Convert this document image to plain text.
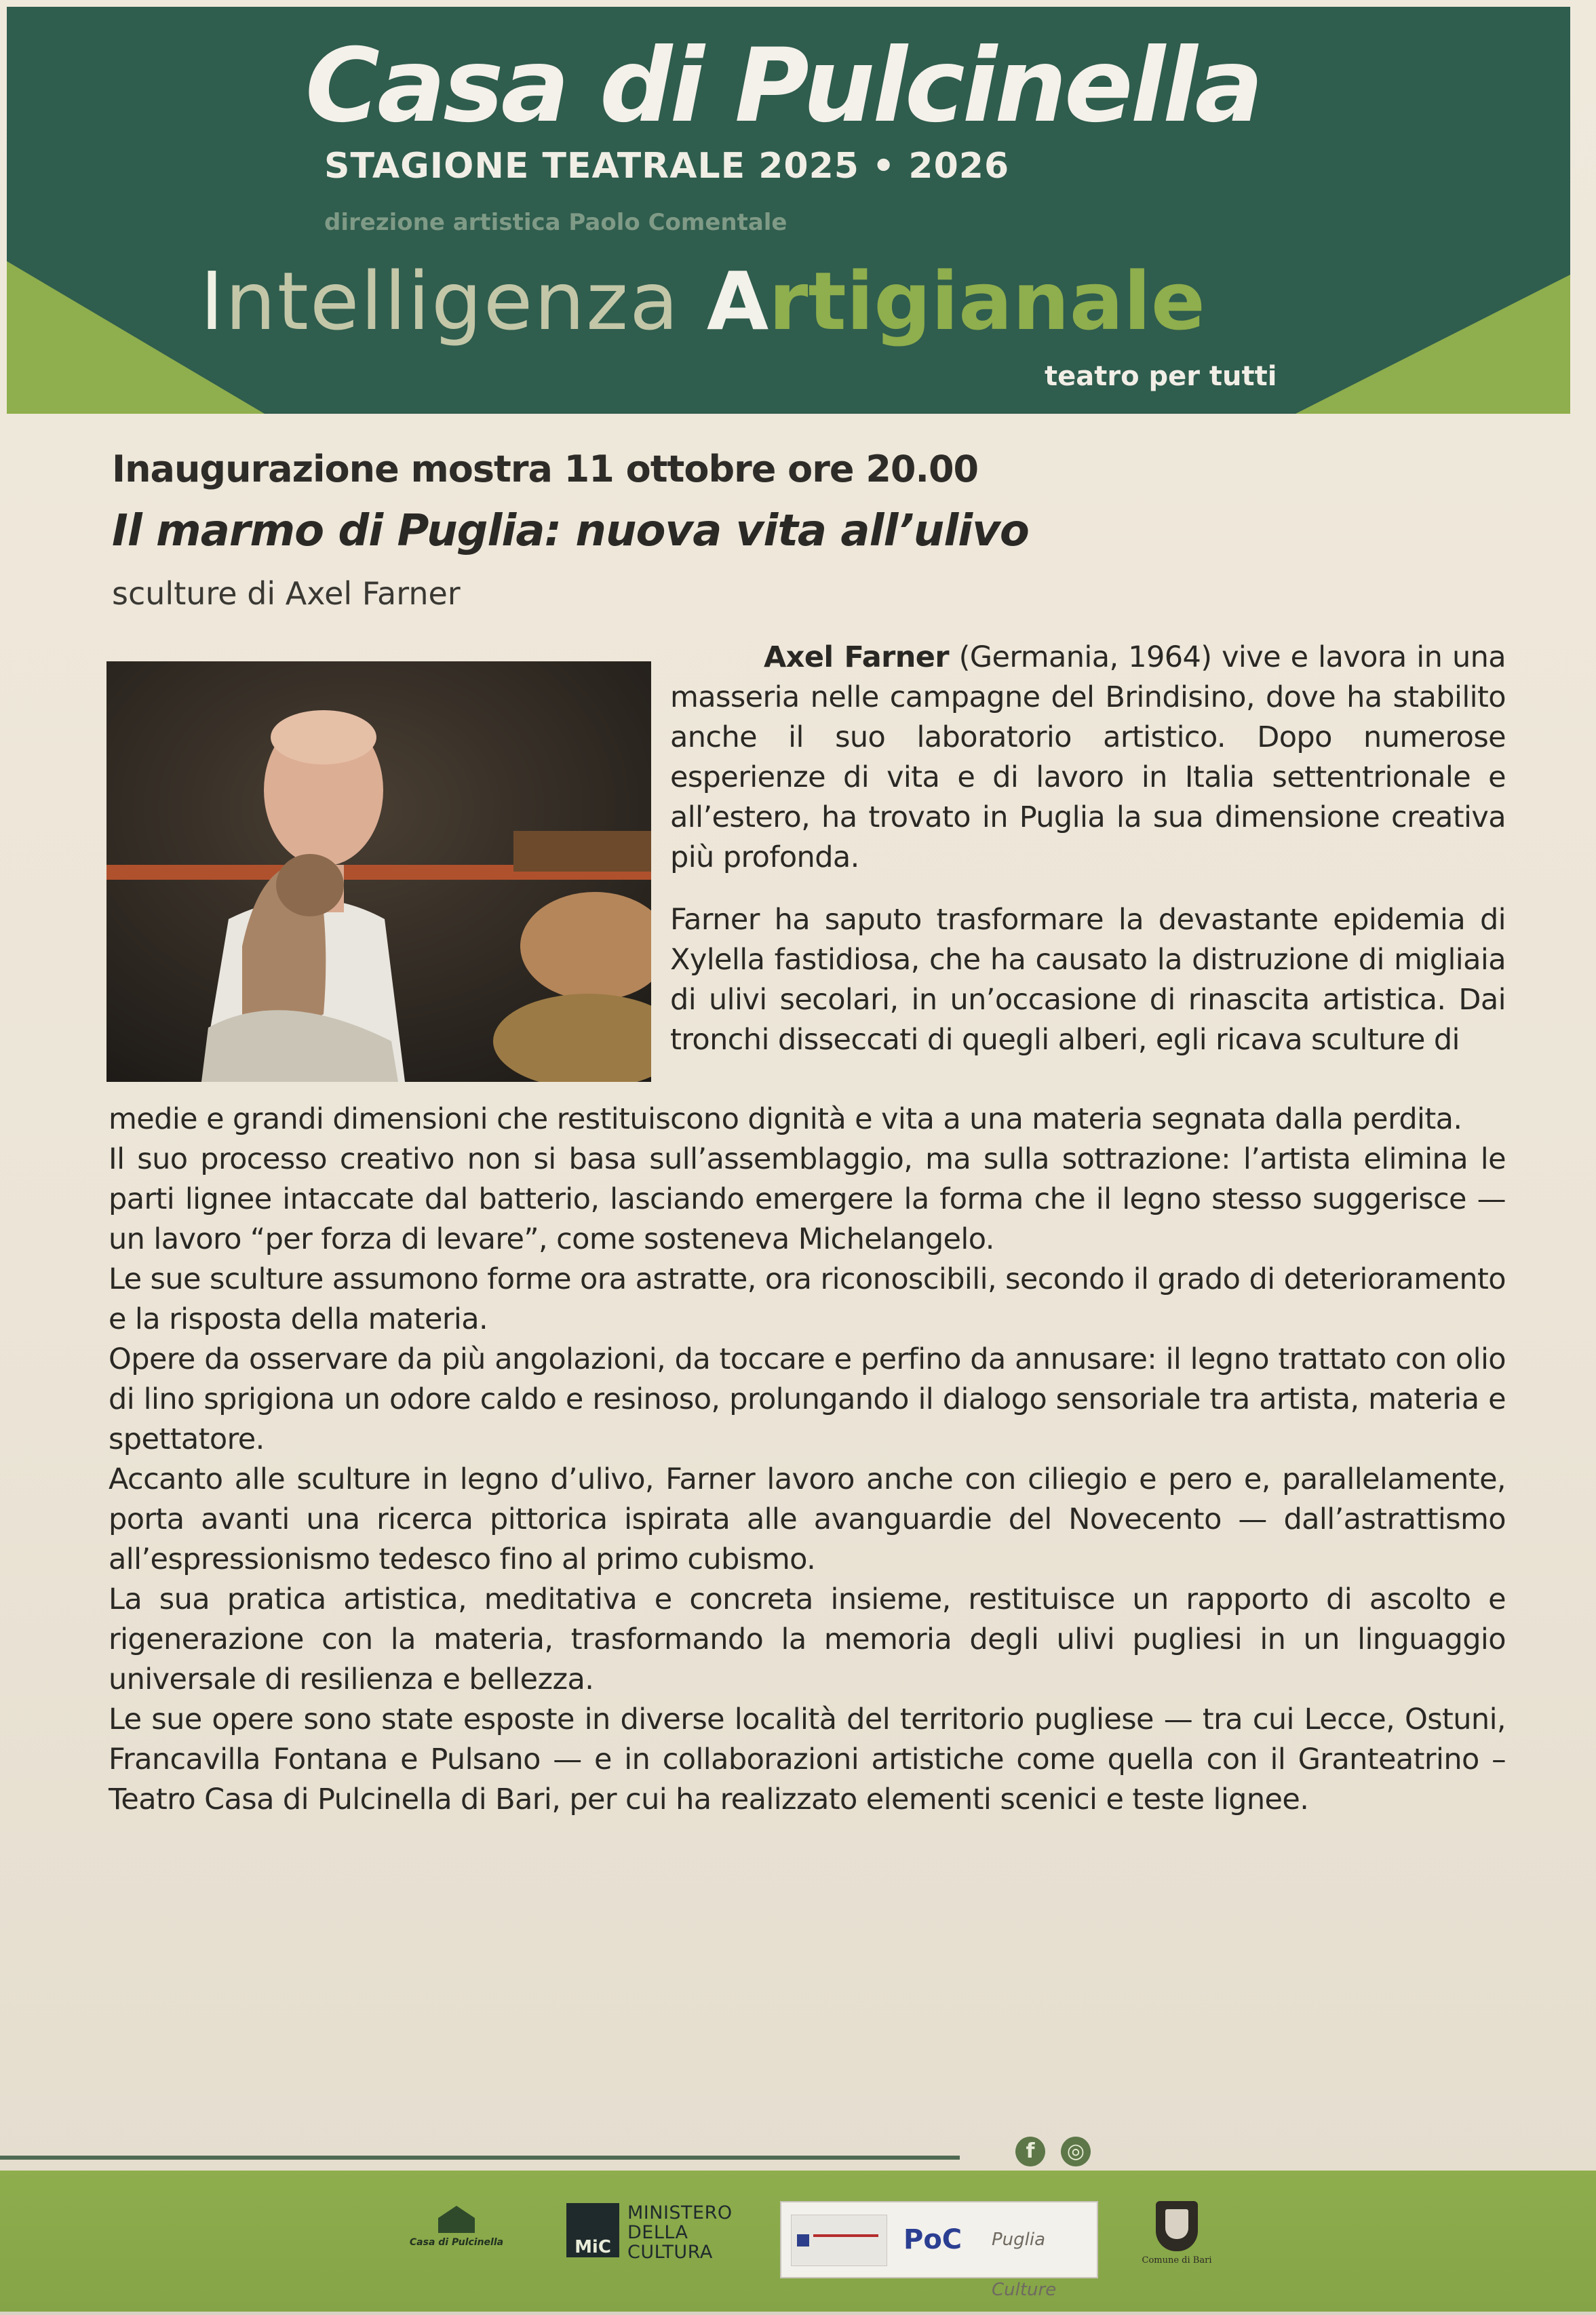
Casa di Pulcinella
STAGIONE TEATRALE 2025 • 2026
direzione artistica Paolo Comentale
Intelligenza Artigianale
teatro per tutti
Inaugurazione mostra 11 ottobre ore 20.00
Il marmo di Puglia: nuova vita all’ulivo
sculture di Axel Farner
Axel Farner (Germania, 1964) vive e lavora in una masseria nelle campagne del Brindisino, dove ha stabilito anche il suo laboratorio artistico. Dopo numerose esperienze di vita e di lavoro in Italia settentrionale e all’estero, ha trovato in Puglia la sua dimensione creativa più profonda.
Farner ha saputo trasformare la devastante epidemia di Xylella fastidiosa, che ha causato la distruzione di migliaia di ulivi secolari, in un’occasione di rinascita artistica. Dai tronchi disseccati di quegli alberi, egli ricava sculture di

medie e grandi dimensioni che restituiscono dignità e vita a una materia segnata dalla perdita.

Il suo processo creativo non si basa sull’assemblaggio, ma sulla sottrazione: l’artista elimina le parti lignee intaccate dal batterio, lasciando emergere la forma che il legno stesso suggerisce — un lavoro “per forza di levare”, come sosteneva Michelangelo.

Le sue sculture assumono forme ora astratte, ora riconoscibili, secondo il grado di deterioramento e la risposta della materia.

Opere da osservare da più angolazioni, da toccare e perfino da annusare: il legno trattato con olio di lino sprigiona un odore caldo e resinoso, prolungando il dialogo sensoriale tra artista, materia e spettatore.

Accanto alle sculture in legno d’ulivo, Farner lavoro anche con ciliegio e pero e, parallelamente, porta avanti una ricerca pittorica ispirata alle avanguardie del Novecento — dall’astrattismo all’espressionismo tedesco fino al primo cubismo.

La sua pratica artistica, meditativa e concreta insieme, restituisce un rapporto di ascolto e rigenerazione con la materia, trasformando la memoria degli ulivi pugliesi in un linguaggio universale di resilienza e bellezza.

Le sue opere sono state esposte in diverse località del territorio pugliese — tra cui Lecce, Ostuni, Francavilla Fontana e Pulsano — e in collaborazioni artistiche come quella con il Granteatrino – Teatro Casa di Pulcinella di Bari, per cui ha realizzato elementi scenici e teste lignee.

f	◎
Casa di Pulcinella	MiC
MINISTERO
DELLA
CULTURA	PoC	Puglia Culture
Comune di Bari
